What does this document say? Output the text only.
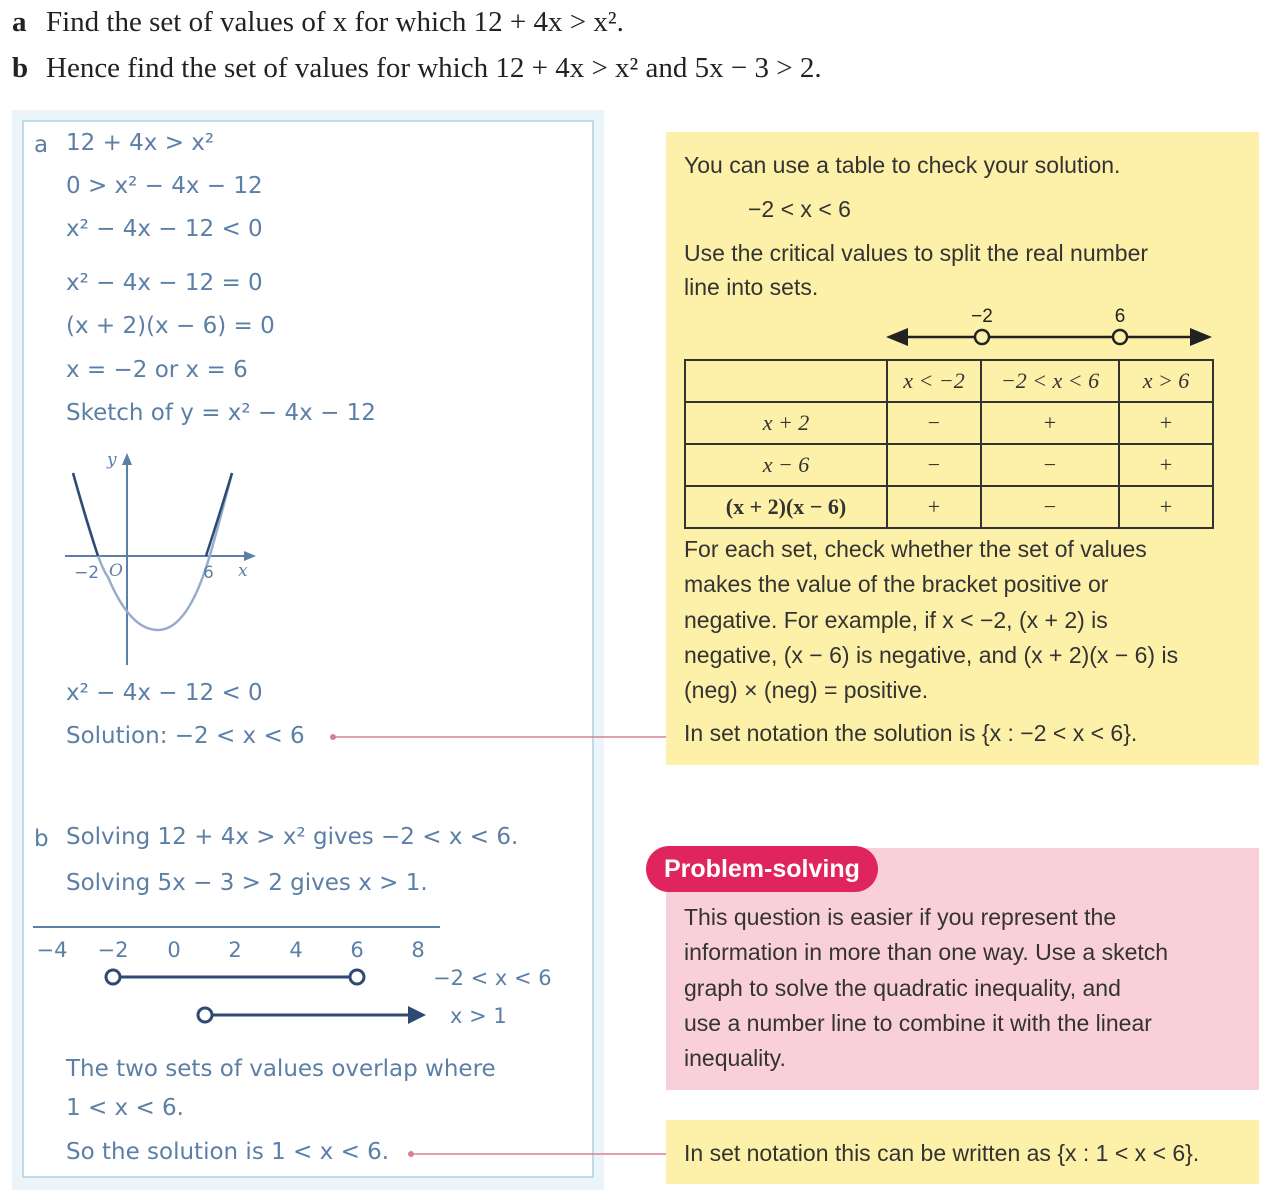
a Find the set of values of x for which 12 + 4x > x².
b Hence find the set of values for which 12 + 4x > x² and 5x − 3 > 2.
a 12 + 4x > x²
0 > x² − 4x − 12
x² − 4x − 12 < 0
x² − 4x − 12 = 0
(x + 2)(x − 6) = 0
x = −2 or x = 6
Sketch of y = x² − 4x − 12
y
x
O
−2	6
x² − 4x − 12 < 0
Solution: −2 < x < 6
b Solving 12 + 4x > x² gives −2 < x < 6.
Solving 5x − 3 > 2 gives x > 1.
−4 −2 0 2 4 6 8
−2 < x < 6
x > 1
The two sets of values overlap where
1 < x < 6.
So the solution is 1 < x < 6.
You can use a table to check your solution.
−2 < x < 6
Use the critical values to split the real number
line into sets.
−2	6
	x < −2	−2 < x < 6	x > 6
x + 2	−	+	+
x − 6	−	−	+
(x + 2)(x − 6)	+	−	+
For each set, check whether the set of values
makes the value of the bracket positive or
negative. For example, if x < −2, (x + 2) is
negative, (x − 6) is negative, and (x + 2)(x − 6) is
(neg) × (neg) = positive.
In set notation the solution is {x : −2 < x < 6}.
Problem-solving
This question is easier if you represent the
information in more than one way. Use a sketch
graph to solve the quadratic inequality, and
use a number line to combine it with the linear
inequality.
In set notation this can be written as {x : 1 < x < 6}.
